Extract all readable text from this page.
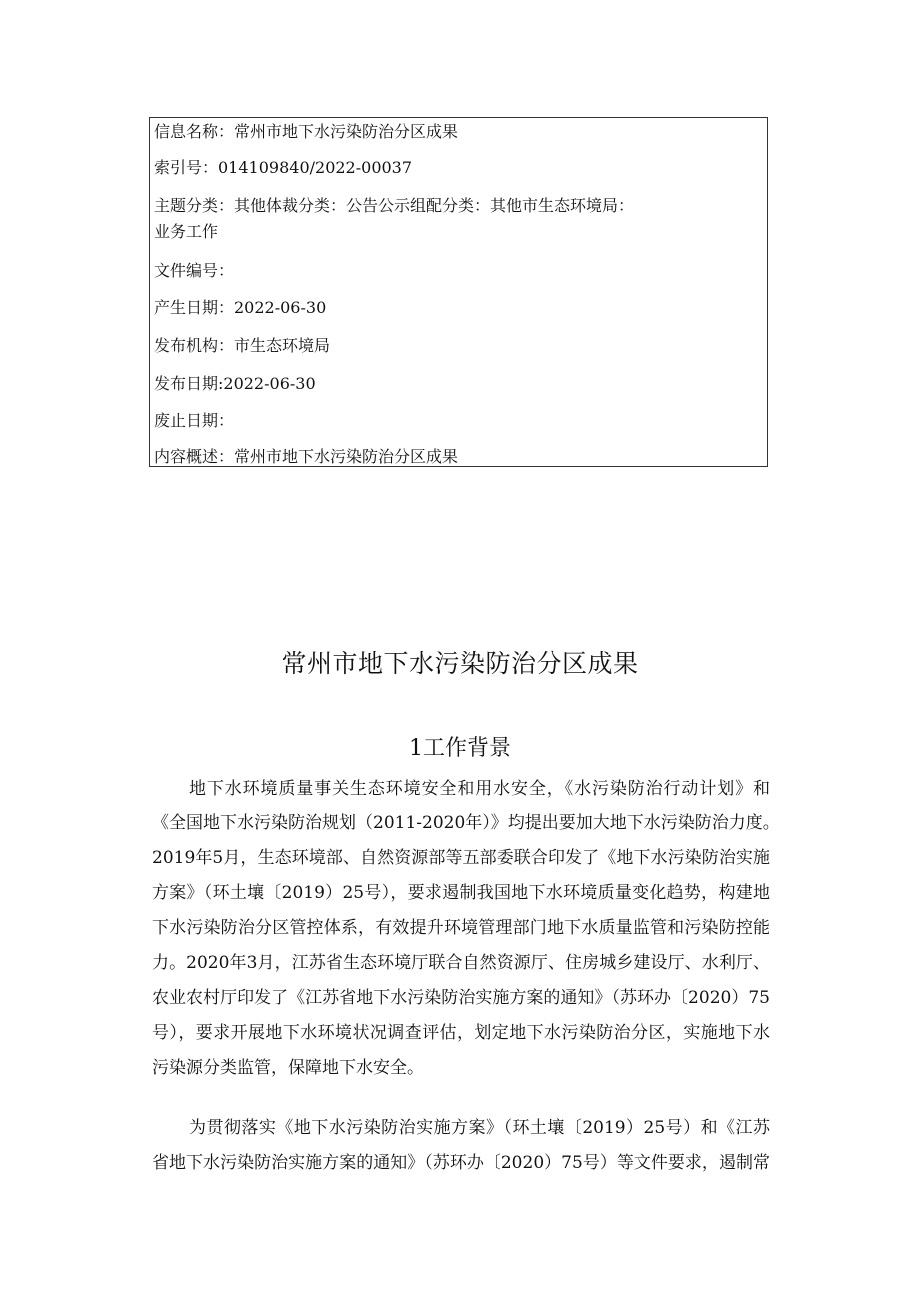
信息名称：常州市地下水污染防治分区成果
索引号：014109840/2022-00037
主题分类：其他体裁分类：公告公示组配分类：其他市生态环境局：
业务工作
文件编号：
产生日期：2022-06-30
发布机构：市生态环境局
发布日期:2022-06-30
废止日期：
内容概述：常州市地下水污染防治分区成果
常州市地下水污染防治分区成果
1工作背景
地下水环境质量事关生态环境安全和用水安全，《水污染防治行动计划》和
《全国地下水污染防治规划（2011-2020年）》均提出要加大地下水污染防治力度。
2019年5月，生态环境部、自然资源部等五部委联合印发了《地下水污染防治实施
方案》（环土壤〔2019）25号），要求遏制我国地下水环境质量变化趋势，构建地
下水污染防治分区管控体系，有效提升环境管理部门地下水质量监管和污染防控能
力。2020年3月，江苏省生态环境厅联合自然资源厅、住房城乡建设厅、水利厅、
农业农村厅印发了《江苏省地下水污染防治实施方案的通知》（苏环办〔2020）75
号），要求开展地下水环境状况调查评估，划定地下水污染防治分区，实施地下水
污染源分类监管，保障地下水安全。
为贯彻落实《地下水污染防治实施方案》（环土壤〔2019）25号）和《江苏
省地下水污染防治实施方案的通知》（苏环办〔2020）75号）等文件要求，遏制常
